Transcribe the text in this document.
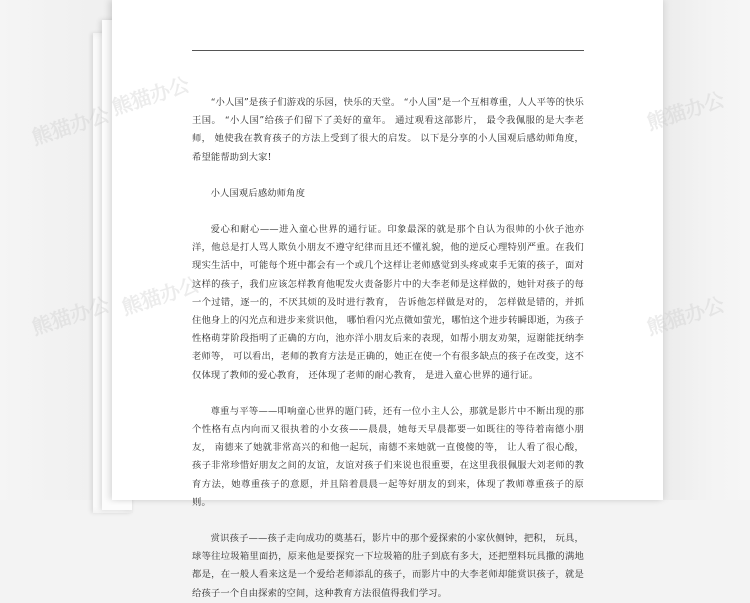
“小人国”是孩子们游戏的乐园，快乐的天堂。 “小人国”是一个互相尊重，人人平等的快乐王国。 “小人国”给孩子们留下了美好的童年。 通过观看这部影片， 最令我佩服的是大李老师， 她使我在教育孩子的方法上受到了很大的启发。 以下是分享的小人国观后感幼师角度，希望能帮助到大家!

小人国观后感幼师角度

爱心和耐心——进入童心世界的通行证。印象最深的就是那个自认为很帅的小伙子池亦洋，他总是打人骂人欺负小朋友不遵守纪律而且还不懂礼貌，他的逆反心理特别严重。在我们现实生活中，可能每个班中都会有一个或几个这样让老师感觉到头疼或束手无策的孩子，面对这样的孩子，我们应该怎样教育他呢发火责备影片中的大李老师是这样做的，她针对孩子的每一个过错，逐一的，不厌其烦的及时进行教育， 告诉他怎样做是对的， 怎样做是错的，并抓住他身上的闪光点和进步来赏识他， 哪怕看闪光点微如萤光，哪怕这个进步转瞬即逝，为孩子性格萌芽阶段指明了正确的方向，池亦洋小朋友后来的表现，如帮小朋友劝架，逗谢能抚纳李老师等， 可以看出，老师的教育方法是正确的，她正在使一个有很多缺点的孩子在改变，这不仅体现了教师的爱心教育， 还体现了老师的耐心教育， 是进入童心世界的通行证。

尊重与平等——叩响童心世界的题门砖，还有一位小主人公，那就是影片中不断出现的那个性格有点内向而又很执着的小女孩——晨晨，她每天早晨都要一如既往的等待着南德小朋友， 南德来了她就非常高兴的和他一起玩，南德不来她就一直傻傻的等， 让人看了很心酸，孩子非常珍惜好朋友之间的友谊，友谊对孩子们来说也很重要，在这里我很佩服大刘老师的教育方法，她尊重孩子的意愿，并且陪着晨晨一起等好朋友的到来，体现了教师尊重孩子的原则。

赏识孩子——孩子走向成功的奠基石，影片中的那个爱探索的小家伙侧钟，把积， 玩具，球等往垃圾箱里面扔，原来他是要探究一下垃圾箱的肚子到底有多大，还把塑料玩具撒的满地都是，在一般人看来这是一个爱给老师添乱的孩子，而影片中的大李老师却能赏识孩子，就是给孩子一个自由探索的空间，这种教育方法很值得我们学习。

熊猫办公
熊猫办公
熊猫办公 熊猫办公
熊猫办公
熊猫办公
